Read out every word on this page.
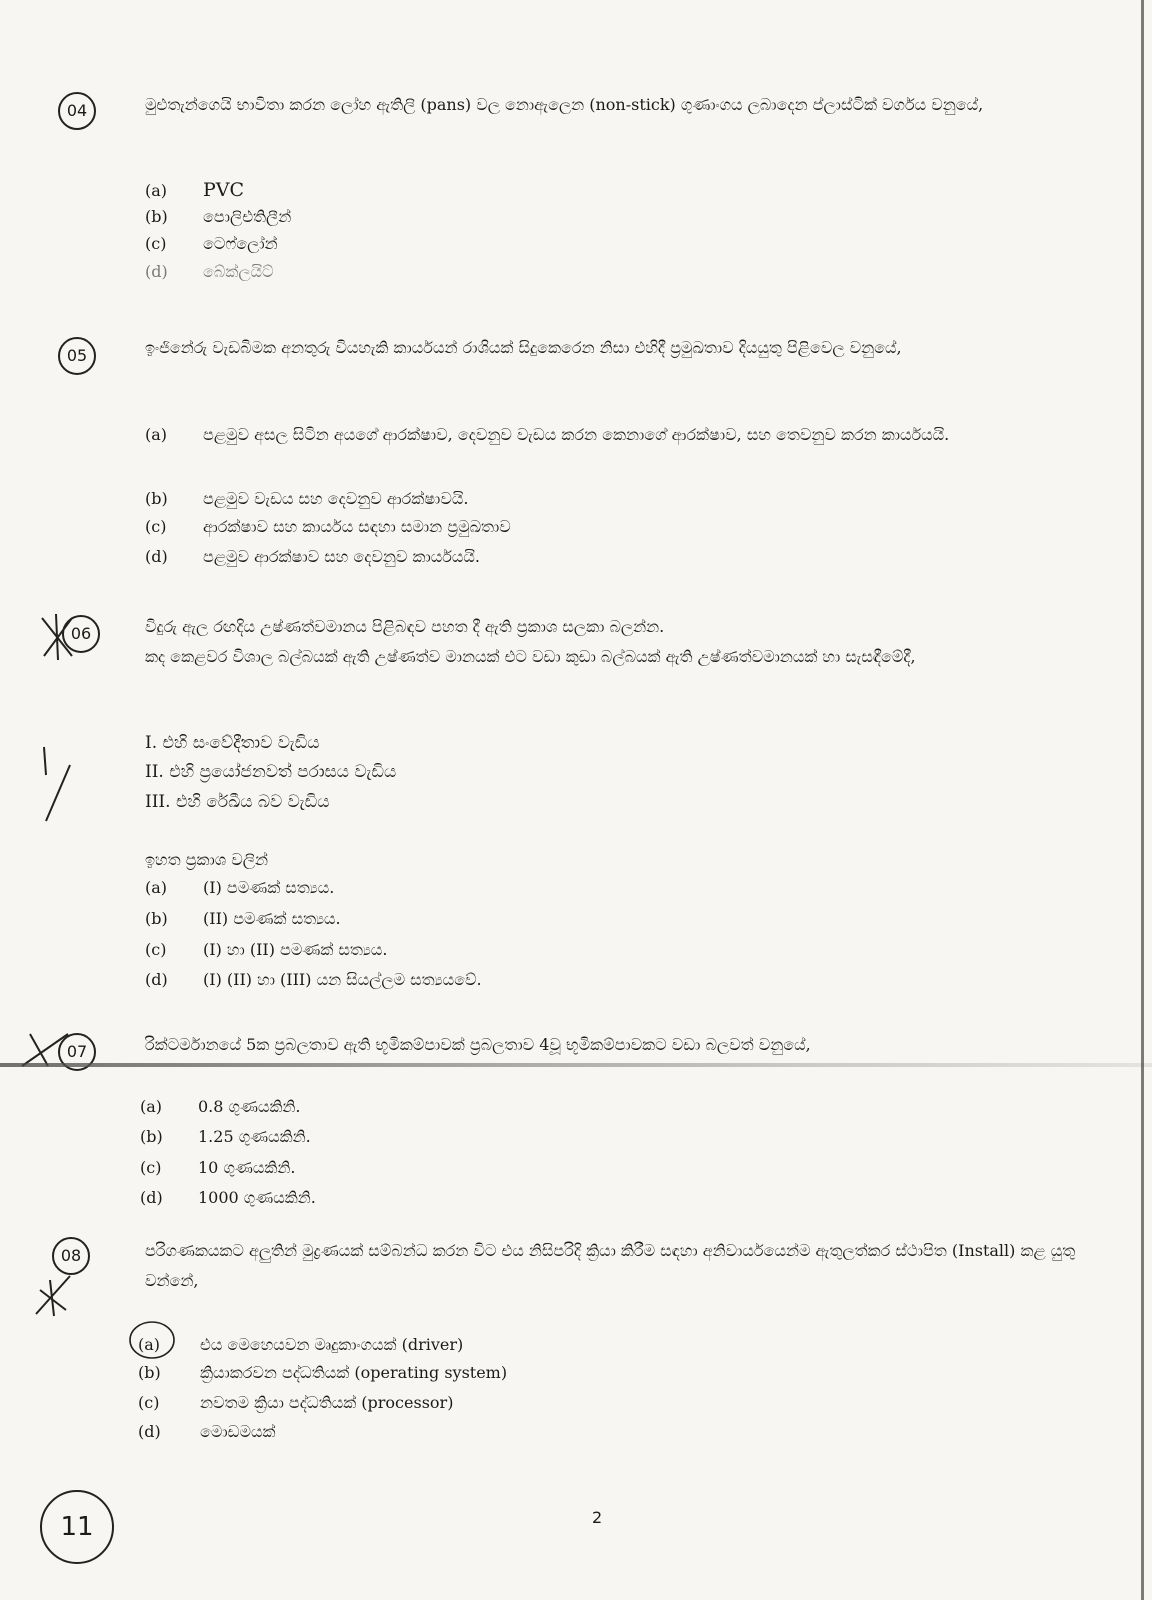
04	මුළුතැන්ගෙයි භාවිතා කරන ලෝහ ඇතිලි (pans) වල නොඇලෙන (non-stick) ගුණාංගය ලබාදෙන ප්ලාස්ටික් වර්ගය වනුයේ,
(a) PVC
(b) පොලිඑතිලීන්
(c) ටෙෆ්ලෝන්
(d) බේක්ලයිට්
05	ඉංජිනේරු වැඩබිමක අනතුරු වියහැකි කාර්යයන් රාශියක් සිදුකෙරෙන නිසා එහිදී ප්‍රමුඛතාව දියයුතු පිළිවෙල වනුයේ,
(a) පළමුව අසල සිටින අයගේ ආරක්ෂාව, දෙවනුව වැඩය කරන කෙනාගේ ආරක්ෂාව, සහ තෙවනුව කරන කාර්යයයි.
(b) පළමුව වැඩය සහ දෙවනුව ආරක්ෂාවයි.
(c) ආරක්ෂාව සහ කාර්යය සඳහා සමාන ප්‍රමුඛතාව
(d) පළමුව ආරක්ෂාව සහ දෙවනුව කාර්යයයි.
06	විදුරු ඇල රඟදිය උෂ්ණත්වමානය පිළිබඳව පහත දී ඇති ප්‍රකාශ සලකා බලන්න.
කද කෙළවර විශාල බල්බයක් ඇති උෂ්ණත්ව මානයක් එට වඩා කුඩා බල්බයක් ඇති උෂ්ණත්වමානයක් හා සැසඳීමේදී,
I. එහි සංවේදීතාව වැඩිය
II. එහි ප්‍රයෝජනවත් පරාසය වැඩිය
III. එහි රේඛීය බව වැඩිය
ඉහත ප්‍රකාශ වලින්
(a) (I) පමණක් සත්‍යය.
(b) (II) පමණක් සත්‍යය.
(c) (I) හා (II) පමණක් සත්‍යය.
(d) (I) (II) හා (III) යන සියල්ලම සත්‍යයවේ.
07	රික්ටර්මානයේ 5ක ප්‍රබලතාව ඇති භූමිකම්පාවක් ප්‍රබලතාව 4වූ භූමිකම්පාවකට වඩා බලවත් වනුයේ,
(a) 0.8 ගුණයකිනි.
(b) 1.25 ගුණයකිනි.
(c) 10 ගුණයකිනි.
(d) 1000 ගුණයකිනි.
08	පරිගණකයකට අලුතින් මුද්‍රණයක් සම්බන්ධ කරන විට එය නිසිපරිදි ක්‍රියා කිරීම සඳහා අනිවාර්යයෙන්ම ඇතුලත්කර ස්ථාපිත (Install) කළ යුතු වන්නේ,
(a) එය මෙහෙයවන මෘදුකාංගයක් (driver)
(b) ක්‍රියාකරවන පද්ධතියක් (operating system)
(c)	නවතම ක්‍රියා පද්ධතියක් (processor)
(d) මොඩමයක්
2
11
